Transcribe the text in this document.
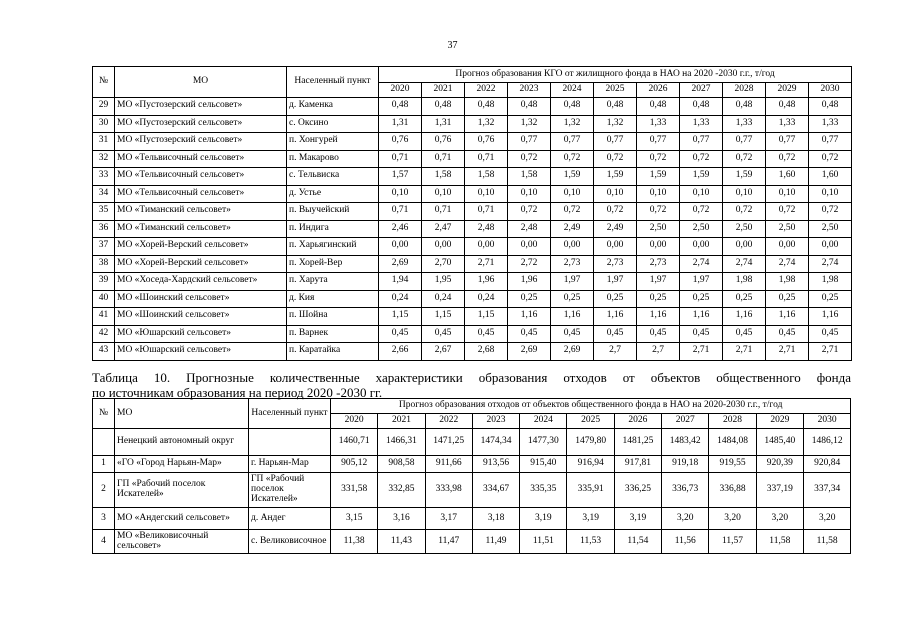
37
№	МО	Населенный пункт	Прогноз образования КГО от жилищного фонда в НАО на 2020 -2030 г.г., т/год										
			2020	2021	2022	2023	2024	2025	2026	2027	2028	2029	2030
29	МО «Пустозерский сельсовет»	д. Каменка	0,48	0,48	0,48	0,48	0,48	0,48	0,48	0,48	0,48	0,48	0,48
30	МО «Пустозерский сельсовет»	с. Оксино	1,31	1,31	1,32	1,32	1,32	1,32	1,33	1,33	1,33	1,33	1,33
31	МО «Пустозерский сельсовет»	п. Хонгурей	0,76	0,76	0,76	0,77	0,77	0,77	0,77	0,77	0,77	0,77	0,77
32	МО «Тельвисочный сельсовет»	п. Макарово	0,71	0,71	0,71	0,72	0,72	0,72	0,72	0,72	0,72	0,72	0,72
33	МО «Тельвисочный сельсовет»	с. Тельвиска	1,57	1,58	1,58	1,58	1,59	1,59	1,59	1,59	1,59	1,60	1,60
34	МО «Тельвисочный сельсовет»	д. Устье	0,10	0,10	0,10	0,10	0,10	0,10	0,10	0,10	0,10	0,10	0,10
35	МО «Тиманский сельсовет»	п. Выучейский	0,71	0,71	0,71	0,72	0,72	0,72	0,72	0,72	0,72	0,72	0,72
36	МО «Тиманский сельсовет»	п. Индига	2,46	2,47	2,48	2,48	2,49	2,49	2,50	2,50	2,50	2,50	2,50
37	МО «Хорей-Верский сельсовет»	п. Харьягинский	0,00	0,00	0,00	0,00	0,00	0,00	0,00	0,00	0,00	0,00	0,00
38	МО «Хорей-Верский сельсовет»	п. Хорей-Вер	2,69	2,70	2,71	2,72	2,73	2,73	2,73	2,74	2,74	2,74	2,74
39	МО «Хоседа-Хардский сельсовет»	п. Харута	1,94	1,95	1,96	1,96	1,97	1,97	1,97	1,97	1,98	1,98	1,98
40	МО «Шоинский сельсовет»	д. Кия	0,24	0,24	0,24	0,25	0,25	0,25	0,25	0,25	0,25	0,25	0,25
41	МО «Шоинский сельсовет»	п. Шойна	1,15	1,15	1,15	1,16	1,16	1,16	1,16	1,16	1,16	1,16	1,16
42	МО «Юшарский сельсовет»	п. Варнек	0,45	0,45	0,45	0,45	0,45	0,45	0,45	0,45	0,45	0,45	0,45
43	МО «Юшарский сельсовет»	п. Каратайка	2,66	2,67	2,68	2,69	2,69	2,7	2,7	2,71	2,71	2,71	2,71
Таблица 10. Прогнозные количественные характеристики образования отходов от объектов общественного фонда
по источникам образования на период 2020 -2030 гг.
№	МО	Населенный пункт	Прогноз образования отходов от объектов общественного фонда в НАО на 2020-2030 г.г., т/год										
			2020	2021	2022	2023	2024	2025	2026	2027	2028	2029	2030
	Ненецкий автономный округ		1460,71	1466,31	1471,25	1474,34	1477,30	1479,80	1481,25	1483,42	1484,08	1485,40	1486,12
1	«ГО «Город Нарьян-Мар»	г. Нарьян-Мар	905,12	908,58	911,66	913,56	915,40	916,94	917,81	919,18	919,55	920,39	920,84
2	ГП «Рабочий поселок Искателей»	ГП «Рабочий поселок Искателей»	331,58	332,85	333,98	334,67	335,35	335,91	336,25	336,73	336,88	337,19	337,34
3	МО «Андегский сельсовет»	д. Андег	3,15	3,16	3,17	3,18	3,19	3,19	3,19	3,20	3,20	3,20	3,20
4	МО «Великовисочный сельсовет»	с. Великовисочное	11,38	11,43	11,47	11,49	11,51	11,53	11,54	11,56	11,57	11,58	11,58
